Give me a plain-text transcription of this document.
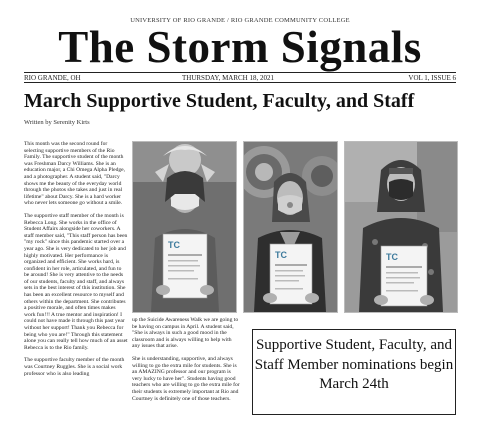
UNIVERSITY OF RIO GRANDE / RIO GRANDE COMMUNITY COLLEGE
The Storm Signals
RIO GRANDE, OH	THURSDAY, MARCH 18, 2021	VOL 1, ISSUE 6
March Supportive Student, Faculty, and Staff
Written by Serenity Kirts

This month was the second round for selecting supportive members of the Rio Family. The supportive student of the month was Freshman Darcy Williams. She is an education major, a Chi Omega Alpha Pledge, and a photographer. A student said, "Darcy shows me the beauty of the everyday world through the photos she takes and just in real lifetime" about Darcy. She is a hard worker who never lets someone go without a smile.

The supportive staff member of the month is Rebecca Long. She works in the office of Student Affairs alongside her coworkers. A staff member said, "This staff person has been "my rock" since this pandemic started over a year ago. She is very dedicated to her job and highly motivated. Her performance is organized and efficient. She works hard, is confident in her role, articulated, and fun to be around! She is very attentive to the needs of our students, faculty and staff, and always sets in the best interest of this institution. She has been an excellent resource to myself and others within the department. She contributes a positive morale, and often times makes work fun!!! A true mentor and inspiration! I could not have made it through this past year without her support! Thank you Rebecca for being who you are!" Through this statement alone you can really tell how much of an asset Rebecca is to the Rio family.

The supportive faculty member of the month was Courtney Ruggles. She is a social work professor who is also leading

TC
TC	TC

up the Suicide Awareness Walk we are going to be having on campus in April. A student said, "She is always in such a good mood in the classroom and is always willing to help with any issues that arise.

She is understanding, supportive, and always willing to go the extra mile for students. She is an AMAZING professor and our program is very lucky to have her". Students having good teachers who are willing to go the extra mile for their students is extremely important at Rio and Courtney is definitely one of those teachers.

Supportive Student, Faculty, and Staff Member nominations begin March 24th
